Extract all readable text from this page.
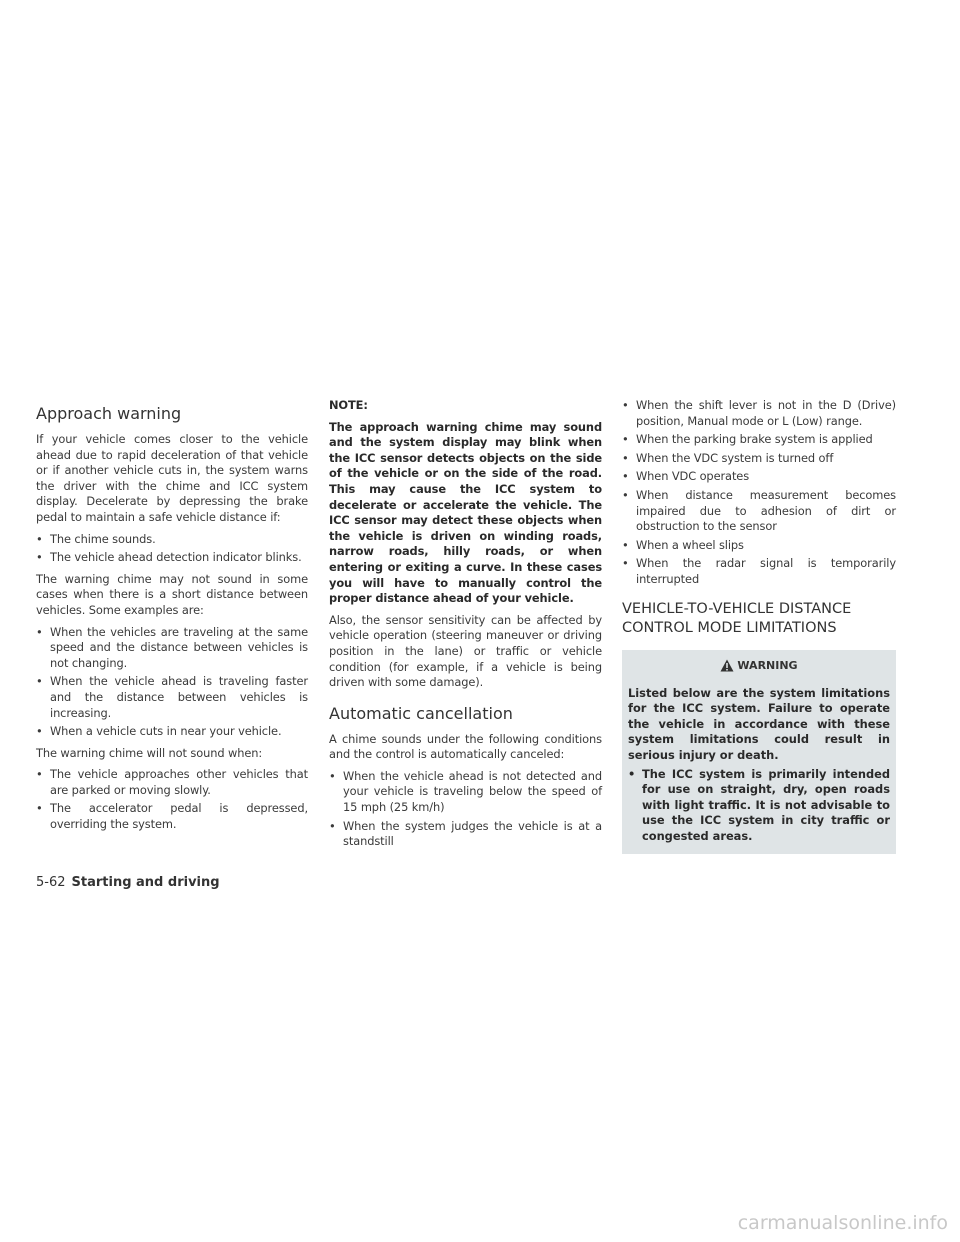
Approach warning

If your vehicle comes closer to the vehicle ahead due to rapid deceleration of that vehicle or if another vehicle cuts in, the system warns the driver with the chime and ICC system display. Decelerate by depressing the brake pedal to maintain a safe vehicle distance if:

• The chime sounds.
• The vehicle ahead detection indicator blinks.

The warning chime may not sound in some cases when there is a short distance between vehicles. Some examples are:

• When the vehicles are traveling at the same speed and the distance between vehicles is not changing.
• When the vehicle ahead is traveling faster and the distance between vehicles is increasing.
• When a vehicle cuts in near your vehicle.

The warning chime will not sound when:

• The vehicle approaches other vehicles that are parked or moving slowly.
• The accelerator pedal is depressed, overriding the system.

NOTE:

The approach warning chime may sound and the system display may blink when the ICC sensor detects objects on the side of the vehicle or on the side of the road. This may cause the ICC system to decelerate or accelerate the vehicle. The ICC sensor may detect these objects when the vehicle is driven on winding roads, narrow roads, hilly roads, or when entering or exiting a curve. In these cases you will have to manually control the proper distance ahead of your vehicle.

Also, the sensor sensitivity can be affected by vehicle operation (steering maneuver or driving position in the lane) or traffic or vehicle condition (for example, if a vehicle is being driven with some damage).

Automatic cancellation

A chime sounds under the following conditions and the control is automatically canceled:

• When the vehicle ahead is not detected and your vehicle is traveling below the speed of 15 mph (25 km/h)
• When the system judges the vehicle is at a standstill
• When the shift lever is not in the D (Drive) position, Manual mode or L (Low) range.
• When the parking brake system is applied
• When the VDC system is turned off
• When VDC operates
• When distance measurement becomes impaired due to adhesion of dirt or obstruction to the sensor
• When a wheel slips
• When the radar signal is temporarily interrupted
VEHICLE-TO-VEHICLE DISTANCE
CONTROL MODE LIMITATIONS
WARNING

Listed below are the system limitations for the ICC system. Failure to operate the vehicle in accordance with these system limitations could result in serious injury or death.

• The ICC system is primarily intended for use on straight, dry, open roads with light traffic. It is not advisable to use the ICC system in city traffic or congested areas.
5-62 Starting and driving
carmanualsonline.info
